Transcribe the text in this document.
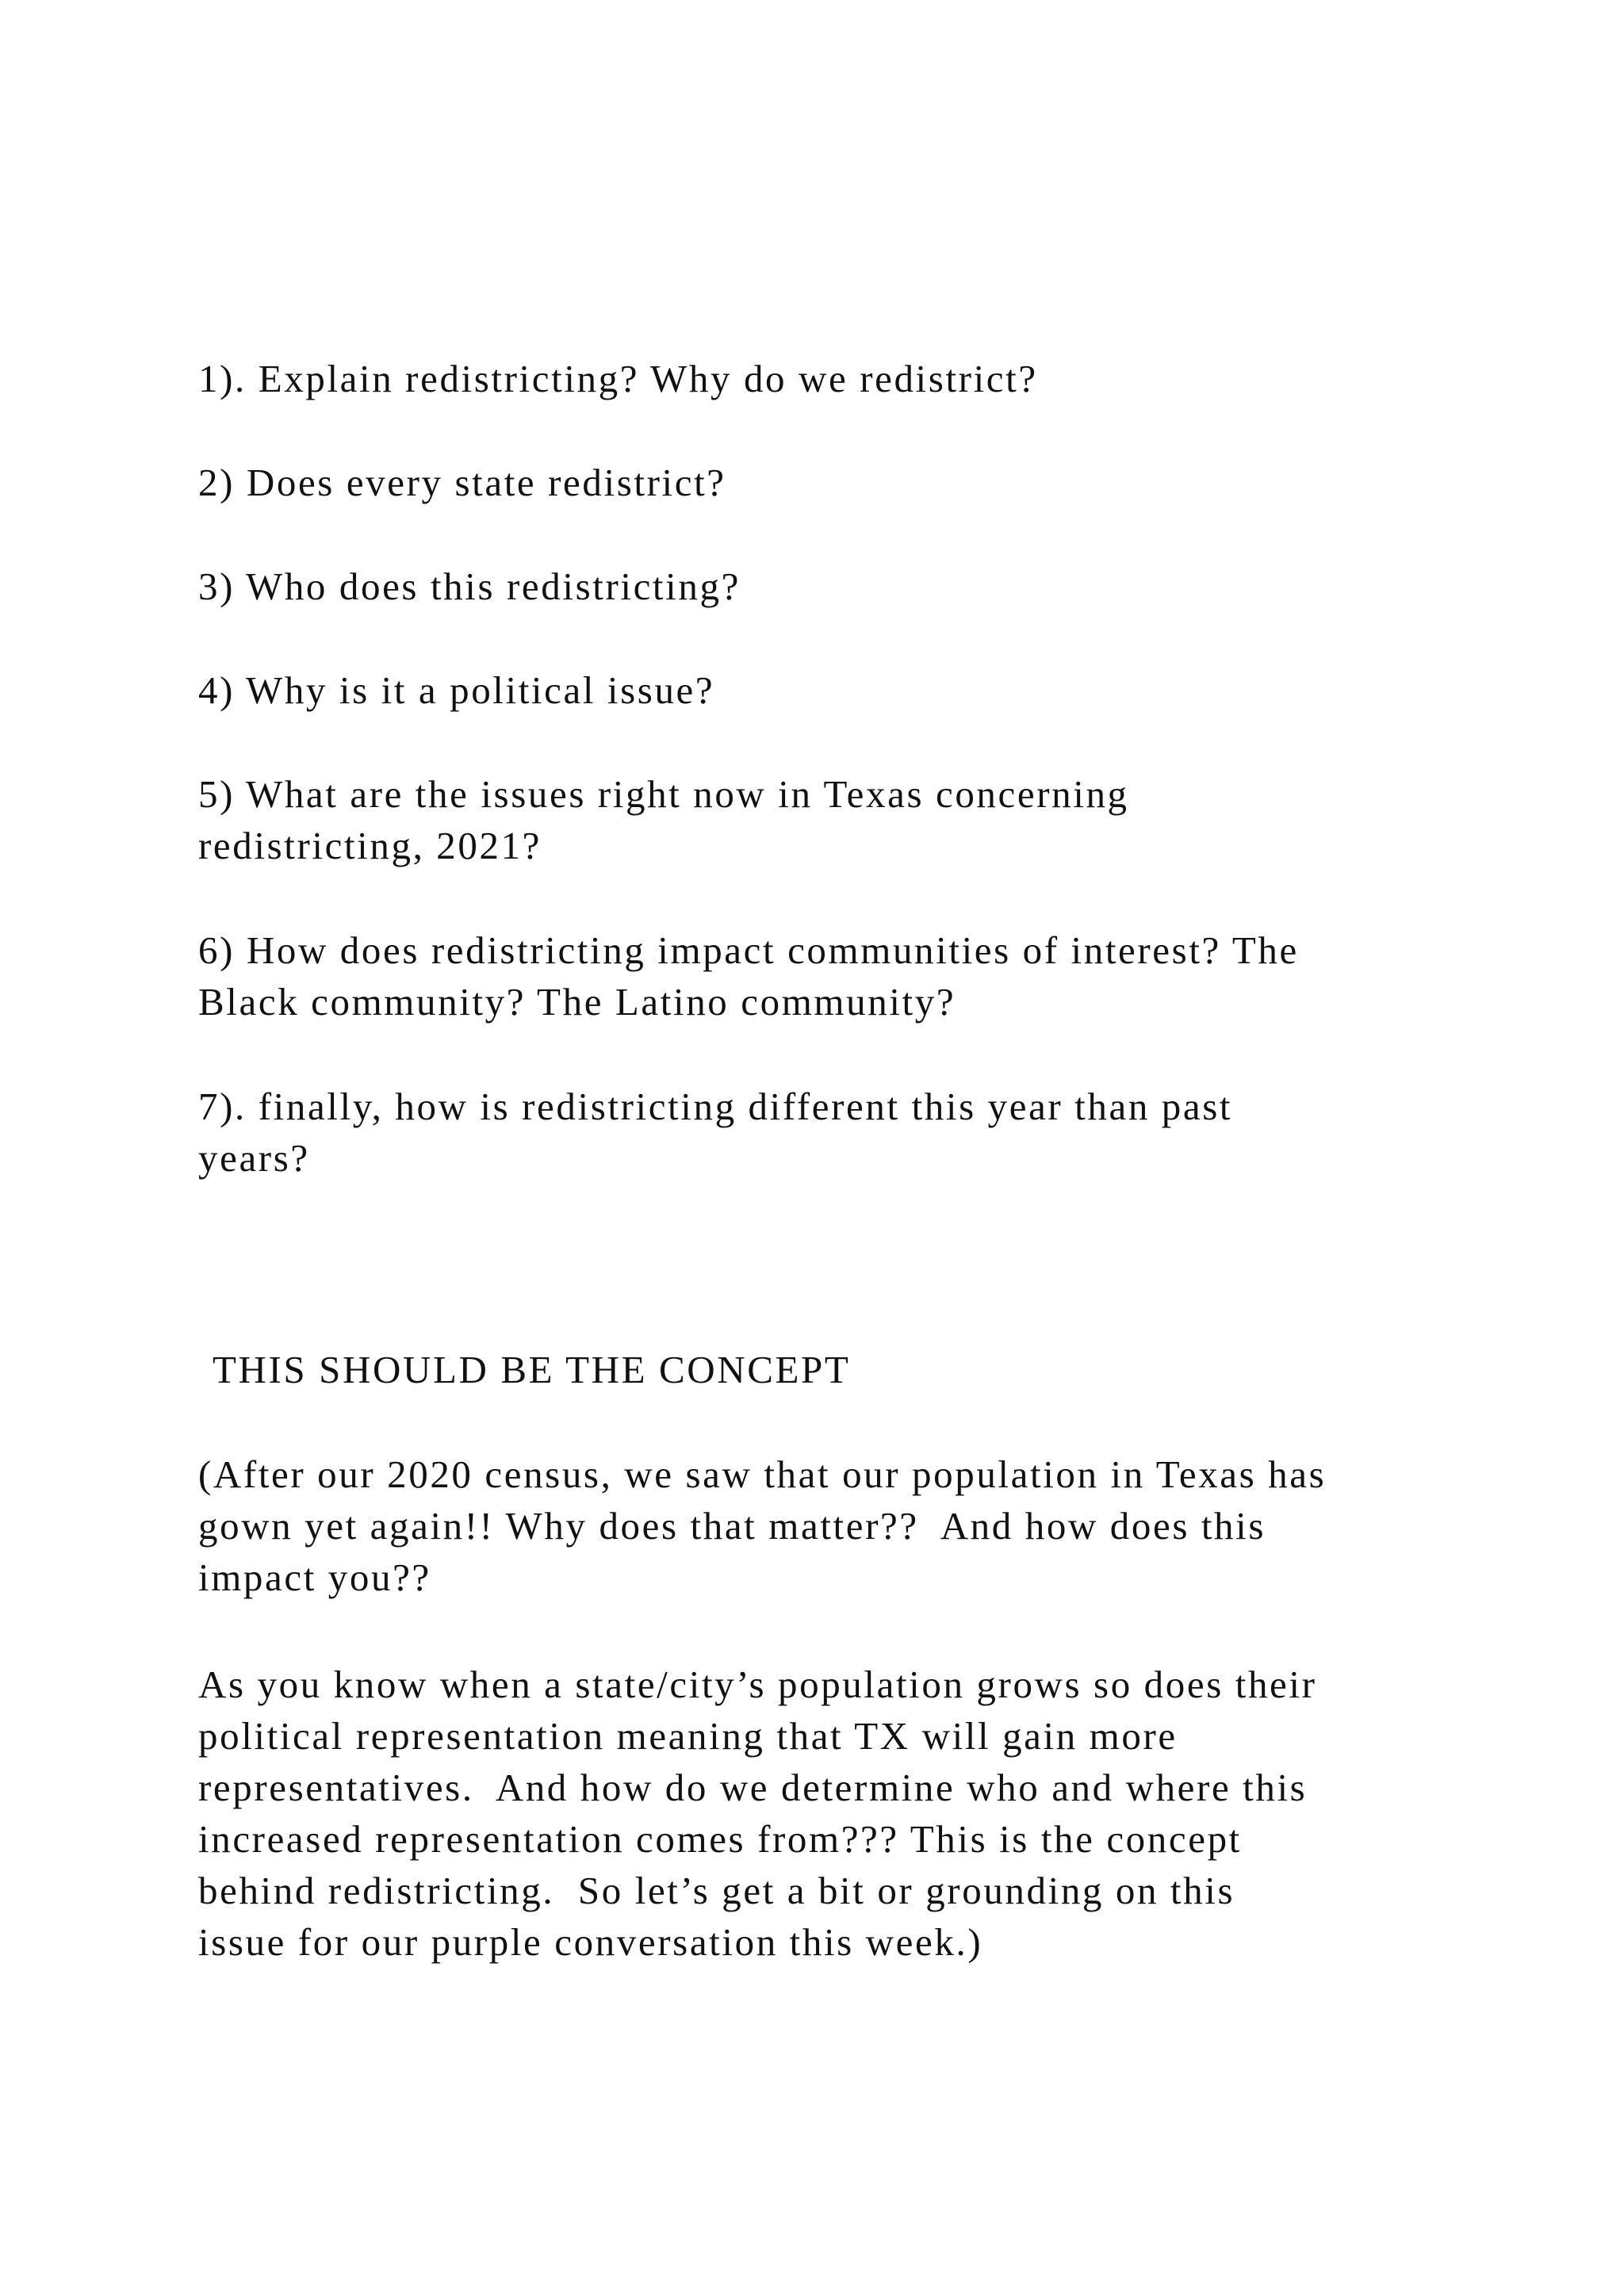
1). Explain redistricting? Why do we redistrict?

2) Does every state redistrict?

3) Who does this redistricting?

4) Why is it a political issue?

5) What are the issues right now in Texas concerning
redistricting, 2021?

6) How does redistricting impact communities of interest? The
Black community? The Latino community?

7). finally, how is redistricting different this year than past
years?

THIS SHOULD BE THE CONCEPT

(After our 2020 census, we saw that our population in Texas has
gown yet again!! Why does that matter??  And how does this
impact you??

As you know when a state/city’s population grows so does their
political representation meaning that TX will gain more
representatives.  And how do we determine who and where this
increased representation comes from??? This is the concept
behind redistricting.  So let’s get a bit or grounding on this
issue for our purple conversation this week.)
